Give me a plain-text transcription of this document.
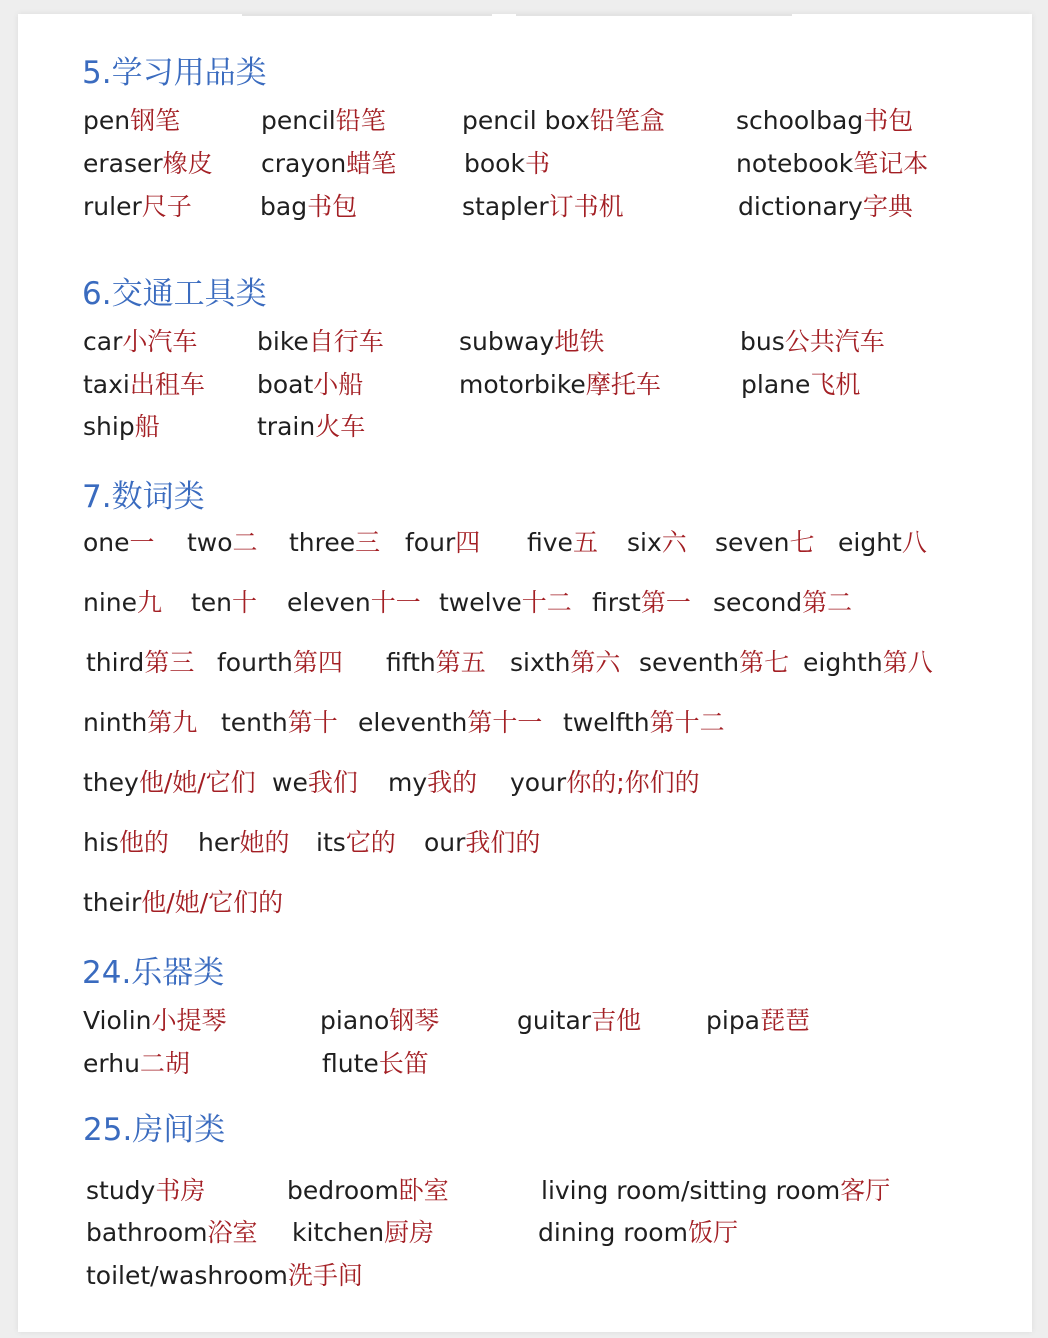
5.学习用品类
pen钢笔	pencil铅笔	pencil box铅笔盒	schoolbag书包
eraser橡皮 crayon蜡笔	book书	notebook笔记本
ruler尺子	bag书包	stapler订书机	dictionary字典
6.交通工具类
car小汽车 bike自行车	subway地铁	bus公共汽车
taxi出租车 boat小船	motorbike摩托车	plane飞机
ship船	train火车
7.数词类
one一 two二 three三 four四 five五 six六 seven七 eight八
nine九 ten十 eleven十一 twelve十二 first第一 second第二
third第三 fourth第四 fifth第五 sixth第六 seventh第七 eighth第八
ninth第九 tenth第十 eleventh第十一 twelfth第十二
they他/她/它们 we我们 my我的 your你的;你们的
his他的 her她的 its它的 our我们的
their他/她/它们的
24.乐器类
Violin小提琴	piano钢琴	guitar吉他	pipa琵琶
erhu二胡	flute长笛
25.房间类
study书房	bedroom卧室	living room/sitting room客厅
bathroom浴室 kitchen厨房	dining room饭厅
toilet/washroom洗手间
